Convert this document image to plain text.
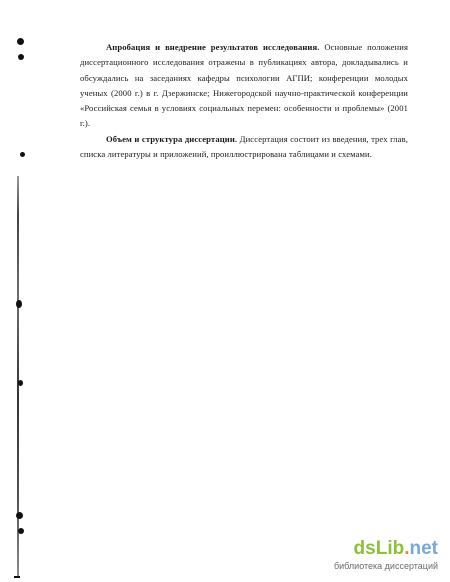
Апробация и внедрение результатов исследования. Основные положения диссертационного исследования отражены в публикациях автора, докладывались и обсуждались на заседаниях кафедры психологии АГПИ; конференции молодых ученых (2000 г.) в г. Дзержинске; Нижегородской научно-практической конференции «Российская семья в условиях социальных перемен: особенности и проблемы» (2001 г.).

Объем и структура диссертации. Диссертация состоит из введения, трех глав, списка литературы и приложений, проиллюстрирована таблицами и схемами.

dsLib.net
библиотека диссертаций
